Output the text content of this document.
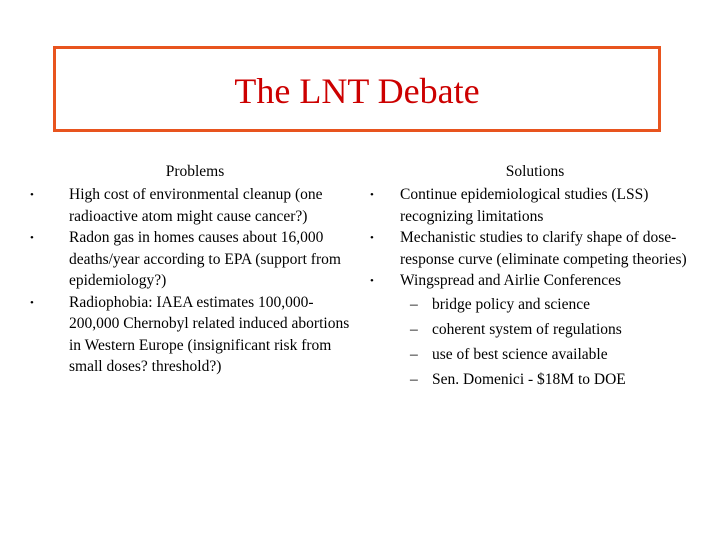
The LNT Debate
Problems
•	High cost of environmental cleanup (one radioactive atom might cause cancer?)
•	Radon gas in homes causes about 16,000 deaths/year according to EPA (support from epidemiology?)
•	Radiophobia: IAEA estimates 100,000-200,000 Chernobyl related induced abortions in Western Europe (insignificant risk from small doses? threshold?)
Solutions
•	Continue epidemiological studies (LSS) recognizing limitations
•	Mechanistic studies to clarify shape of dose-response curve (eliminate competing theories)
•	Wingspread and Airlie Conferences
– bridge policy and science
– coherent system of regulations
– use of best science available
– Sen. Domenici - $18M to DOE
